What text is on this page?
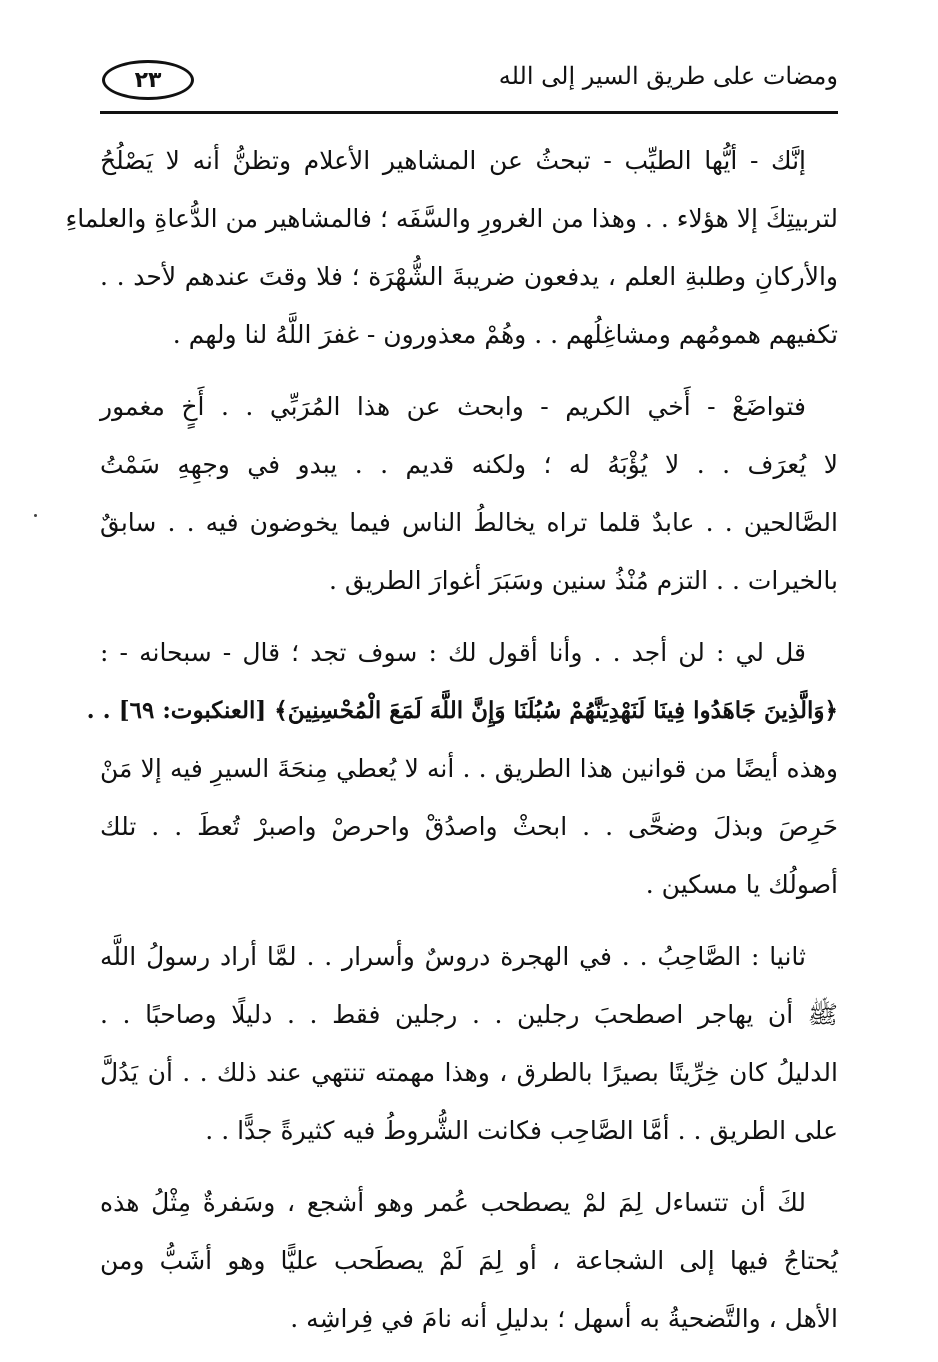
٢٣	ومضات على طريق السير إلى الله
إنَّك - أيُّها الطيِّب - تبحثُ عن المشاهير الأعلام وتظنُّ أنه لا يَصْلُحُ
لتربيتِكَ إلا هؤلاء . . وهذا من الغرورِ والسَّفَه ؛ فالمشاهير من الدُّعاةِ والعلماءِ
والأركانِ وطلبةِ العلم ، يدفعون ضريبةَ الشُّهْرَة ؛ فلا وقتَ عندهم لأحد . .
تكفيهم همومُهم ومشاغِلُهم . . وهُمْ معذورون - غفرَ اللَّهُ لنا ولهم .
فتواضَعْ - أَخي الكريم - وابحث عن هذا المُرَبِّي . . أَخٍ مغمور
لا يُعرَف . . لا يُؤْبَهُ له ؛ ولكنه قديم . . يبدو في وجهِهِ سَمْتُ
الصَّالحين . . عابدٌ قلما تراه يخالطُ الناس فيما يخوضون فيه . . سابقٌ
بالخيرات . . التزم مُنْذُ سنين وسَبَرَ أغوارَ الطريق .
قل لي : لن أجد . . وأنا أقول لك : سوف تجد ؛ قال - سبحانه - :
﴿وَالَّذِينَ جَاهَدُوا فِينَا لَنَهْدِيَنَّهُمْ سُبُلَنَا وَإِنَّ اللَّهَ لَمَعَ الْمُحْسِنِينَ﴾ [العنكبوت: ٦٩] . .
وهذه أيضًا من قوانين هذا الطريق . . أنه لا يُعطي مِنحَةَ السيرِ فيه إلا مَنْ
حَرِصَ وبذلَ وضحَّى . . ابحثْ واصدُقْ واحرصْ واصبرْ تُعطَ . . تلك
أصولُك يا مسكين .
ثانيا : الصَّاحِبُ . . في الهجرة دروسٌ وأسرار . . لمَّا أراد رسولُ اللَّه
ﷺ أن يهاجر اصطحبَ رجلين . . رجلين فقط . . دليلًا وصاحبًا . .
الدليلُ كان خِرِّيتًا بصيرًا بالطرق ، وهذا مهمته تنتهي عند ذلك . . أن يَدُلَّ
على الطريق . . أمَّا الصَّاحِب فكانت الشُّروطُ فيه كثيرةً جدًّا . .
لكَ أن تتساءل لِمَ لمْ يصطحب عُمر وهو أشجع ، وسَفرةٌ مِثْلُ هذه
يُحتاجُ فيها إلى الشجاعة ، أو لِمَ لَمْ يصطَحب عليًّا وهو أشَبُّ ومن
الأهل ، والتَّضحيةُ به أسهل ؛ بدليلِ أنه نامَ في فِراشِه .
